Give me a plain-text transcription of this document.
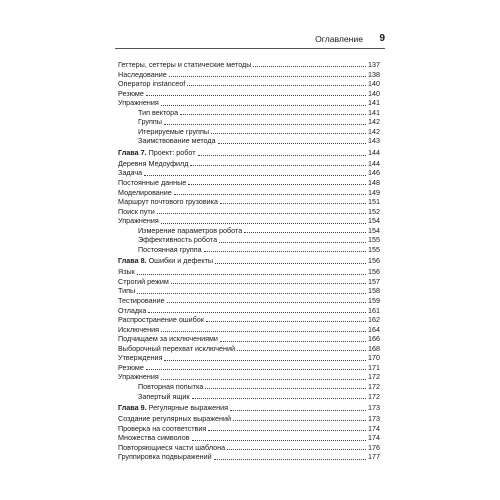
Оглавление 9
Геттеры, сеттеры и статические методы	137
Наследование	138
Оператор instanceof	140
Резюме	140
Упражнения	141
Тип вектора	141
Группы	142
Итерируемые группы	142
Заимствование метода	143
Глава 7. Проект: робот	144
Деревня Медоуфилд	144
Задача	146
Постоянные данные	148
Моделирование	149
Маршрут почтового грузовика	151
Поиск пути	152
Упражнения	154
Измерение параметров робота	154
Эффективность робота	155
Постоянная группа	155
Глава 8. Ошибки и дефекты	156
Язык	156
Строгий режим	157
Типы	158
Тестирование	159
Отладка	161
Распространение ошибок	162
Исключения	164
Подчищаем за исключениями	166
Выборочный перехват исключений	168
Утверждения	170
Резюме	171
Упражнения	172
Повторная попытка	172
Запертый ящик	172
Глава 9. Регулярные выражения	173
Создание регулярных выражений	173
Проверка на соответствия	174
Множества символов	174
Повторяющиеся части шаблона	176
Группировка подвыражений	177
